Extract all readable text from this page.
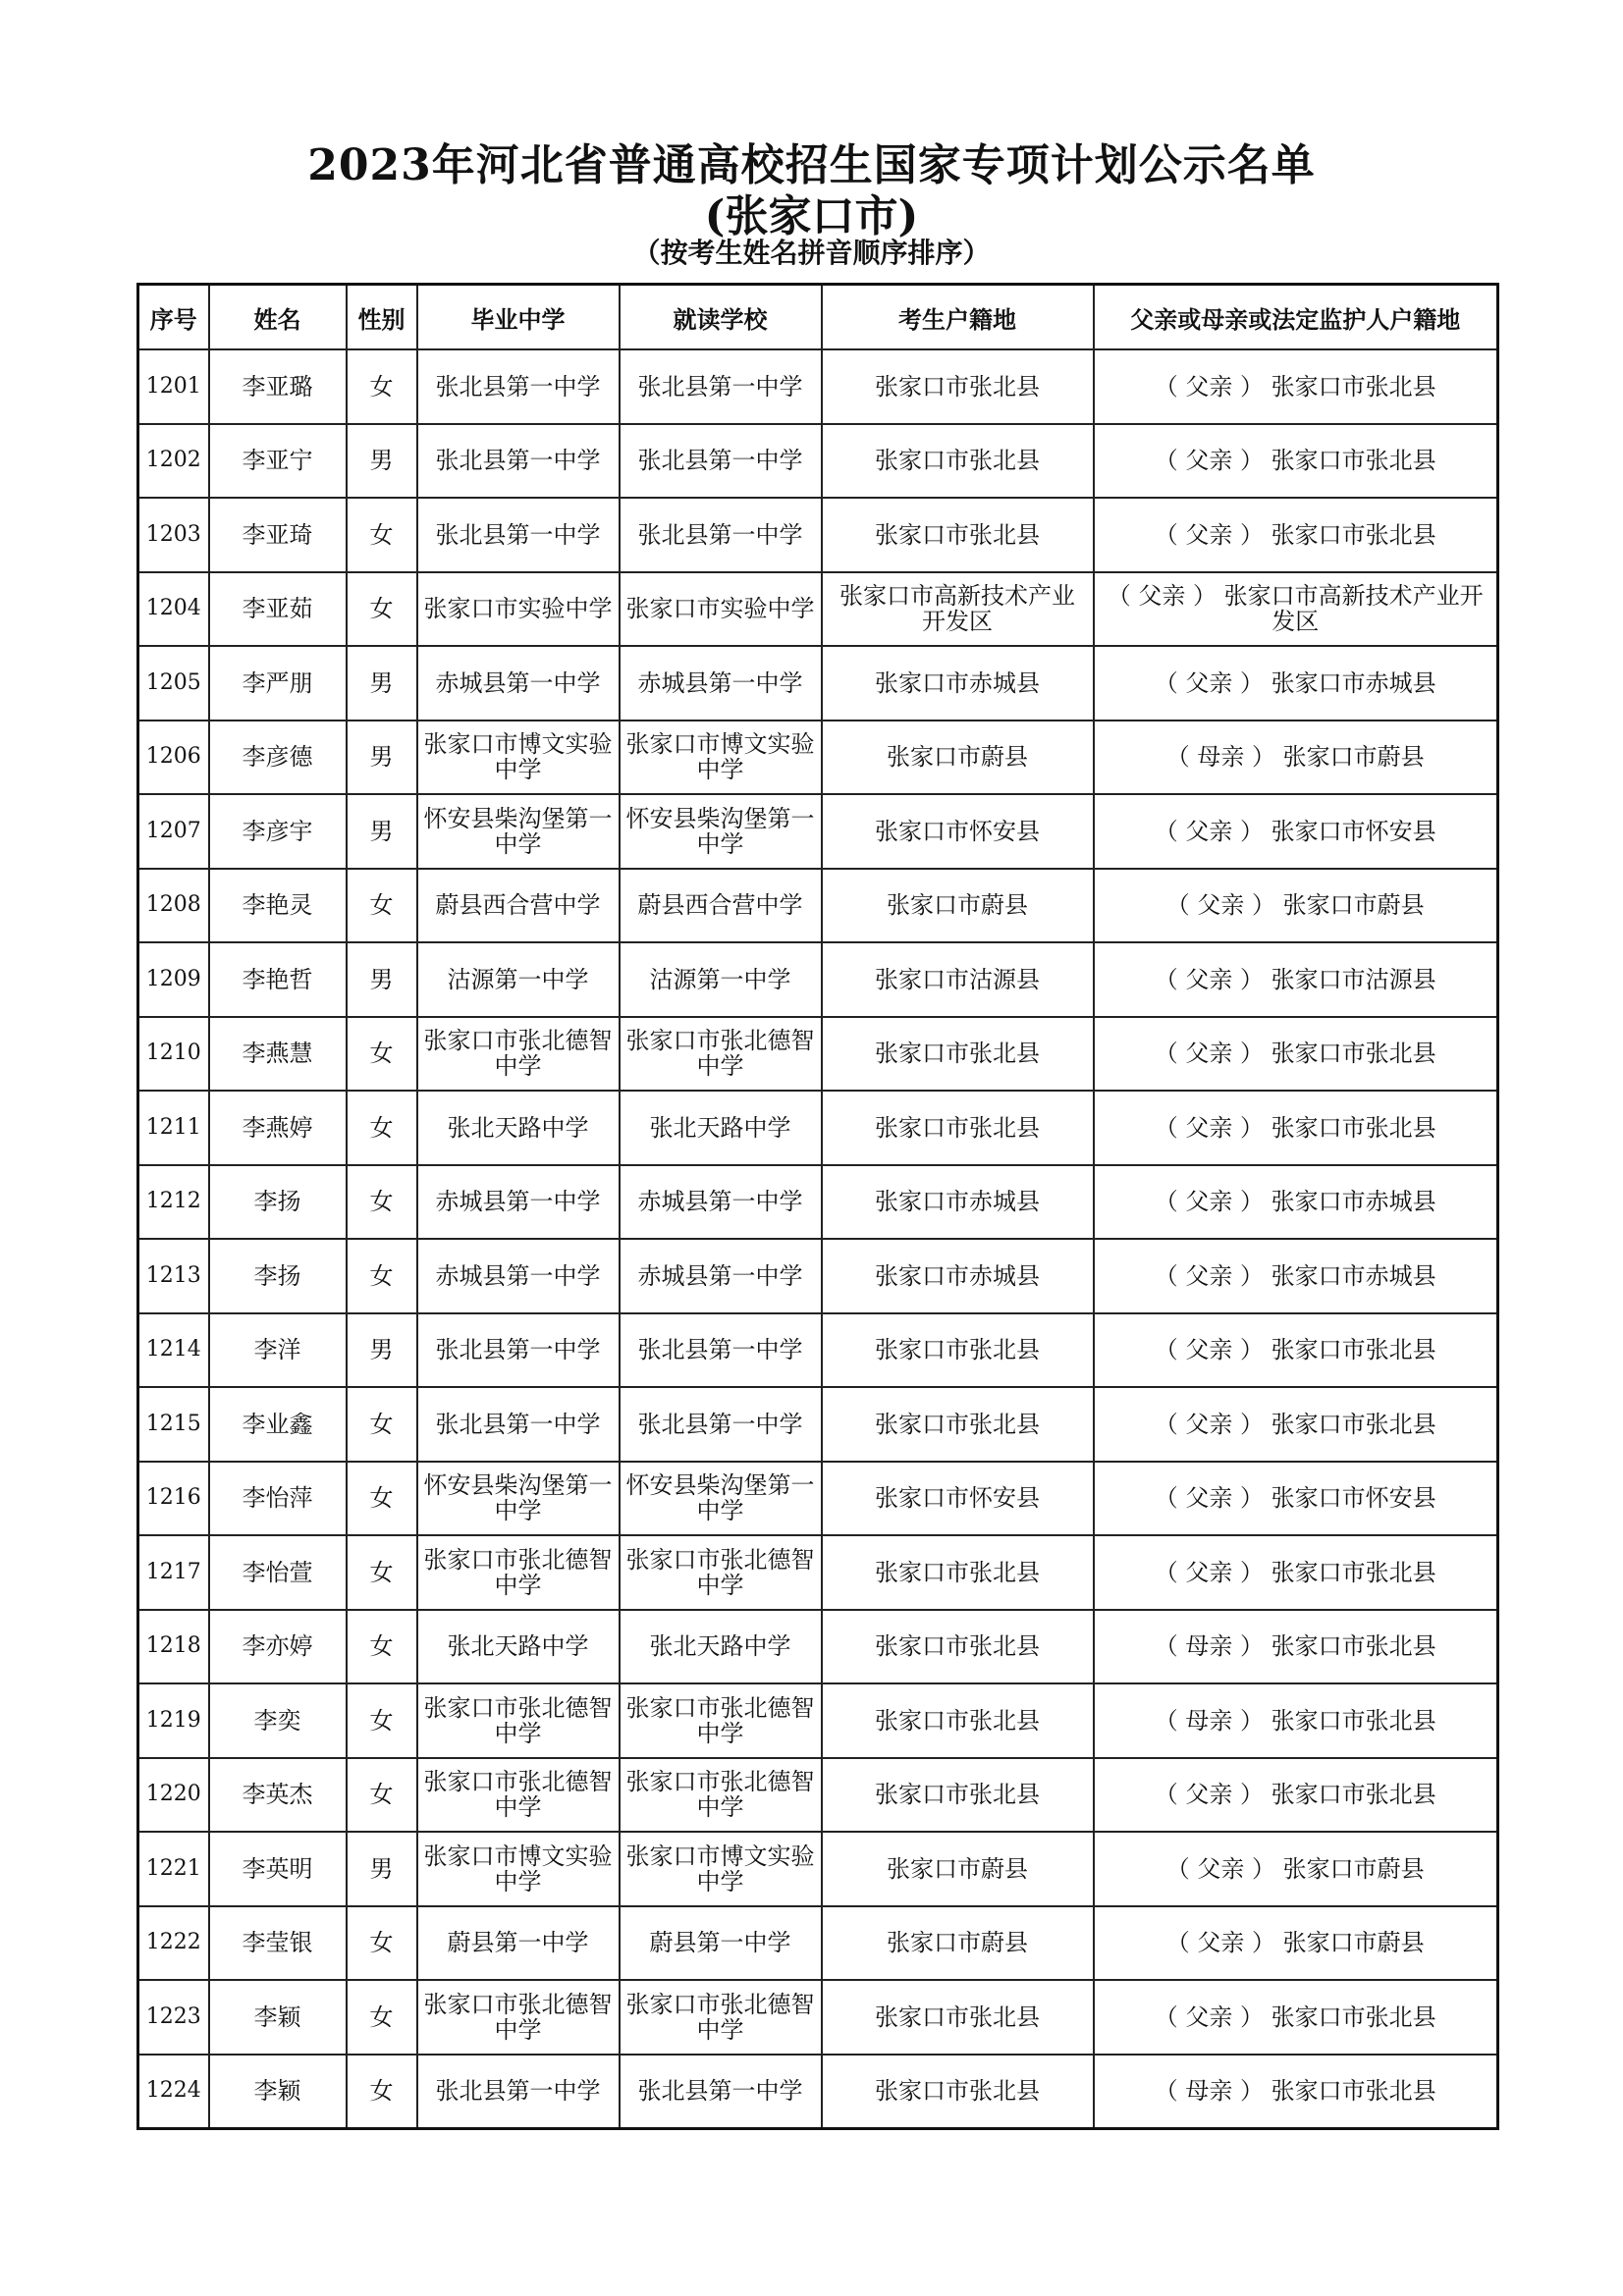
2023年河北省普通高校招生国家专项计划公示名单
(张家口市)
（按考生姓名拼音顺序排序）
序号	姓名	性别	毕业中学	就读学校	考生户籍地	父亲或母亲或法定监护人户籍地
1201	李亚璐	女	张北县第一中学	张北县第一中学	张家口市张北县	（ 父亲 ） 张家口市张北县
1202	李亚宁	男	张北县第一中学	张北县第一中学	张家口市张北县	（ 父亲 ） 张家口市张北县
1203	李亚琦	女	张北县第一中学	张北县第一中学	张家口市张北县	（ 父亲 ） 张家口市张北县
1204	李亚茹	女	张家口市实验中学	张家口市实验中学	张家口市高新技术产业开发区	（ 父亲 ） 张家口市高新技术产业开发区
1205	李严朋	男	赤城县第一中学	赤城县第一中学	张家口市赤城县	（ 父亲 ） 张家口市赤城县
1206	李彦德	男	张家口市博文实验中学	张家口市博文实验中学	张家口市蔚县	（ 母亲 ） 张家口市蔚县
1207	李彦宇	男	怀安县柴沟堡第一中学	怀安县柴沟堡第一中学	张家口市怀安县	（ 父亲 ） 张家口市怀安县
1208	李艳灵	女	蔚县西合营中学	蔚县西合营中学	张家口市蔚县	（ 父亲 ） 张家口市蔚县
1209	李艳哲	男	沽源第一中学	沽源第一中学	张家口市沽源县	（ 父亲 ） 张家口市沽源县
1210	李燕慧	女	张家口市张北德智中学	张家口市张北德智中学	张家口市张北县	（ 父亲 ） 张家口市张北县
1211	李燕婷	女	张北天路中学	张北天路中学	张家口市张北县	（ 父亲 ） 张家口市张北县
1212	李扬	女	赤城县第一中学	赤城县第一中学	张家口市赤城县	（ 父亲 ） 张家口市赤城县
1213	李扬	女	赤城县第一中学	赤城县第一中学	张家口市赤城县	（ 父亲 ） 张家口市赤城县
1214	李洋	男	张北县第一中学	张北县第一中学	张家口市张北县	（ 父亲 ） 张家口市张北县
1215	李业鑫	女	张北县第一中学	张北县第一中学	张家口市张北县	（ 父亲 ） 张家口市张北县
1216	李怡萍	女	怀安县柴沟堡第一中学	怀安县柴沟堡第一中学	张家口市怀安县	（ 父亲 ） 张家口市怀安县
1217	李怡萱	女	张家口市张北德智中学	张家口市张北德智中学	张家口市张北县	（ 父亲 ） 张家口市张北县
1218	李亦婷	女	张北天路中学	张北天路中学	张家口市张北县	（ 母亲 ） 张家口市张北县
1219	李奕	女	张家口市张北德智中学	张家口市张北德智中学	张家口市张北县	（ 母亲 ） 张家口市张北县
1220	李英杰	女	张家口市张北德智中学	张家口市张北德智中学	张家口市张北县	（ 父亲 ） 张家口市张北县
1221	李英明	男	张家口市博文实验中学	张家口市博文实验中学	张家口市蔚县	（ 父亲 ） 张家口市蔚县
1222	李莹银	女	蔚县第一中学	蔚县第一中学	张家口市蔚县	（ 父亲 ） 张家口市蔚县
1223	李颖	女	张家口市张北德智中学	张家口市张北德智中学	张家口市张北县	（ 父亲 ） 张家口市张北县
1224	李颖	女	张北县第一中学	张北县第一中学	张家口市张北县	（ 母亲 ） 张家口市张北县
